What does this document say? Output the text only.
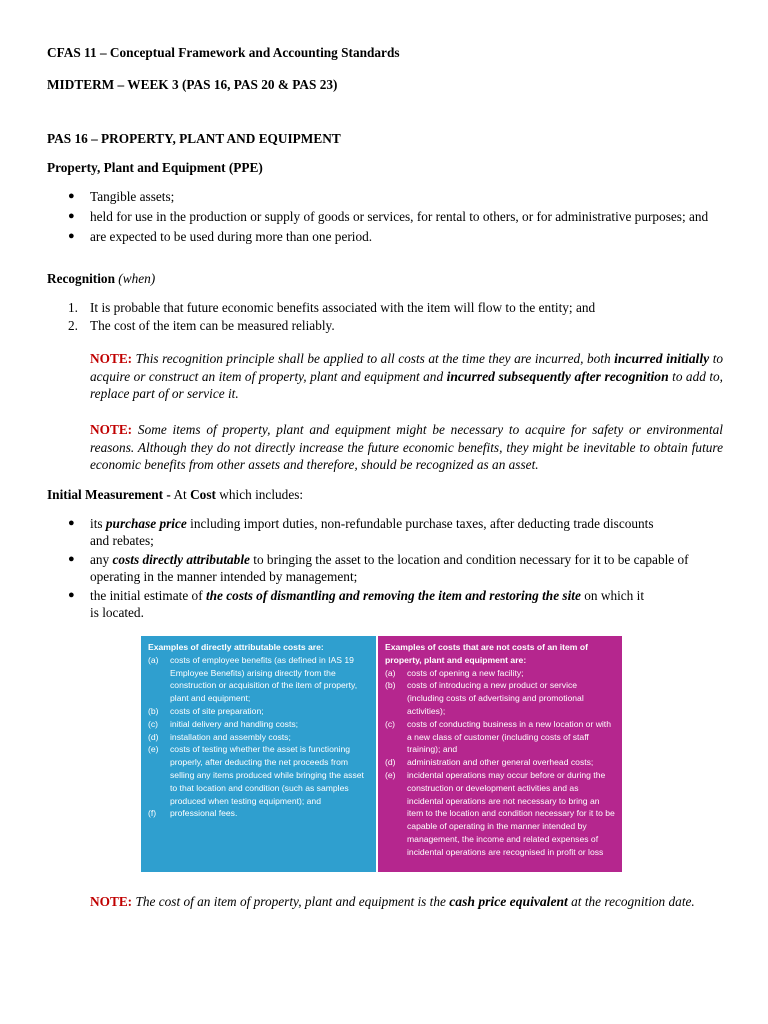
CFAS 11 – Conceptual Framework and Accounting Standards
MIDTERM – WEEK 3 (PAS 16, PAS 20 & PAS 23)
PAS 16 – PROPERTY, PLANT AND EQUIPMENT
Property, Plant and Equipment (PPE)
● Tangible assets;
● held for use in the production or supply of goods or services, for rental to others, or for administrative purposes; and
● are expected to be used during more than one period.
Recognition (when)
1. It is probable that future economic benefits associated with the item will flow to the entity; and
2. The cost of the item can be measured reliably.
NOTE: This recognition principle shall be applied to all costs at the time they are incurred, both incurred initially to acquire or construct an item of property, plant and equipment and incurred subsequently after recognition to add to, replace part of or service it.
NOTE: Some items of property, plant and equipment might be necessary to acquire for safety or environmental reasons. Although they do not directly increase the future economic benefits, they might be inevitable to obtain future economic benefits from other assets and therefore, should be recognized as an asset.
Initial Measurement - At Cost which includes:
● its purchase price including import duties, non-refundable purchase taxes, after deducting trade discounts
and rebates;
● any costs directly attributable to bringing the asset to the location and condition necessary for it to be capable of operating in the manner intended by management;
● the initial estimate of the costs of dismantling and removing the item and restoring the site on which it
is located.
Examples of directly attributable costs are:
(a) costs of employee benefits (as defined in IAS 19 Employee Benefits) arising directly from the construction or acquisition of the item of property, plant and equipment;
(b) costs of site preparation;
(c) initial delivery and handling costs;
(d) installation and assembly costs;
(e) costs of testing whether the asset is functioning properly, after deducting the net proceeds from selling any items produced while bringing the asset to that location and condition (such as samples produced when testing equipment); and
(f) professional fees.
Examples of costs that are not costs of an item of property, plant and equipment are:
(a) costs of opening a new facility;
(b) costs of introducing a new product or service (including costs of advertising and promotional activities);
(c) costs of conducting business in a new location or with a new class of customer (including costs of staff training); and
(d) administration and other general overhead costs;
(e) incidental operations may occur before or during the construction or development activities and as incidental operations are not necessary to bring an item to the location and condition necessary for it to be capable of operating in the manner intended by management, the income and related expenses of incidental operations are recognised in profit or loss
NOTE: The cost of an item of property, plant and equipment is the cash price equivalent at the recognition date.
